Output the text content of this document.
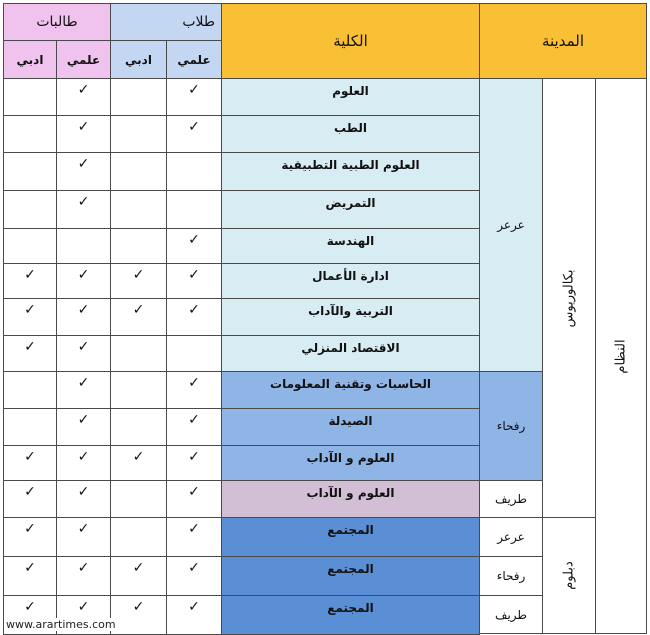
المدينة
الكلية
طلاب
طالبات
علمي
ادبي
علمي
ادبي
النظام
بكالوريوس
دبلوم
عرعر
رفحاء
طريف
عرعر
رفحاء
طريف
العلوم
✓
✓
الطب
✓
✓
العلوم الطبية التطبيقية
✓
التمريض
✓
الهندسة
✓
ادارة الأعمال
✓
✓
✓
✓
التربية والآداب
✓
✓
✓
✓
الاقتصاد المنزلي
✓
✓
الحاسبات وتقنية المعلومات
✓
✓
الصيدلة
✓
✓
العلوم و الآداب
✓
✓
✓
✓
العلوم و الآداب
✓
✓
✓
المجتمع
✓
✓
✓
المجتمع
✓
✓
✓
✓
المجتمع
✓
✓
✓
✓
www.arartimes.com
